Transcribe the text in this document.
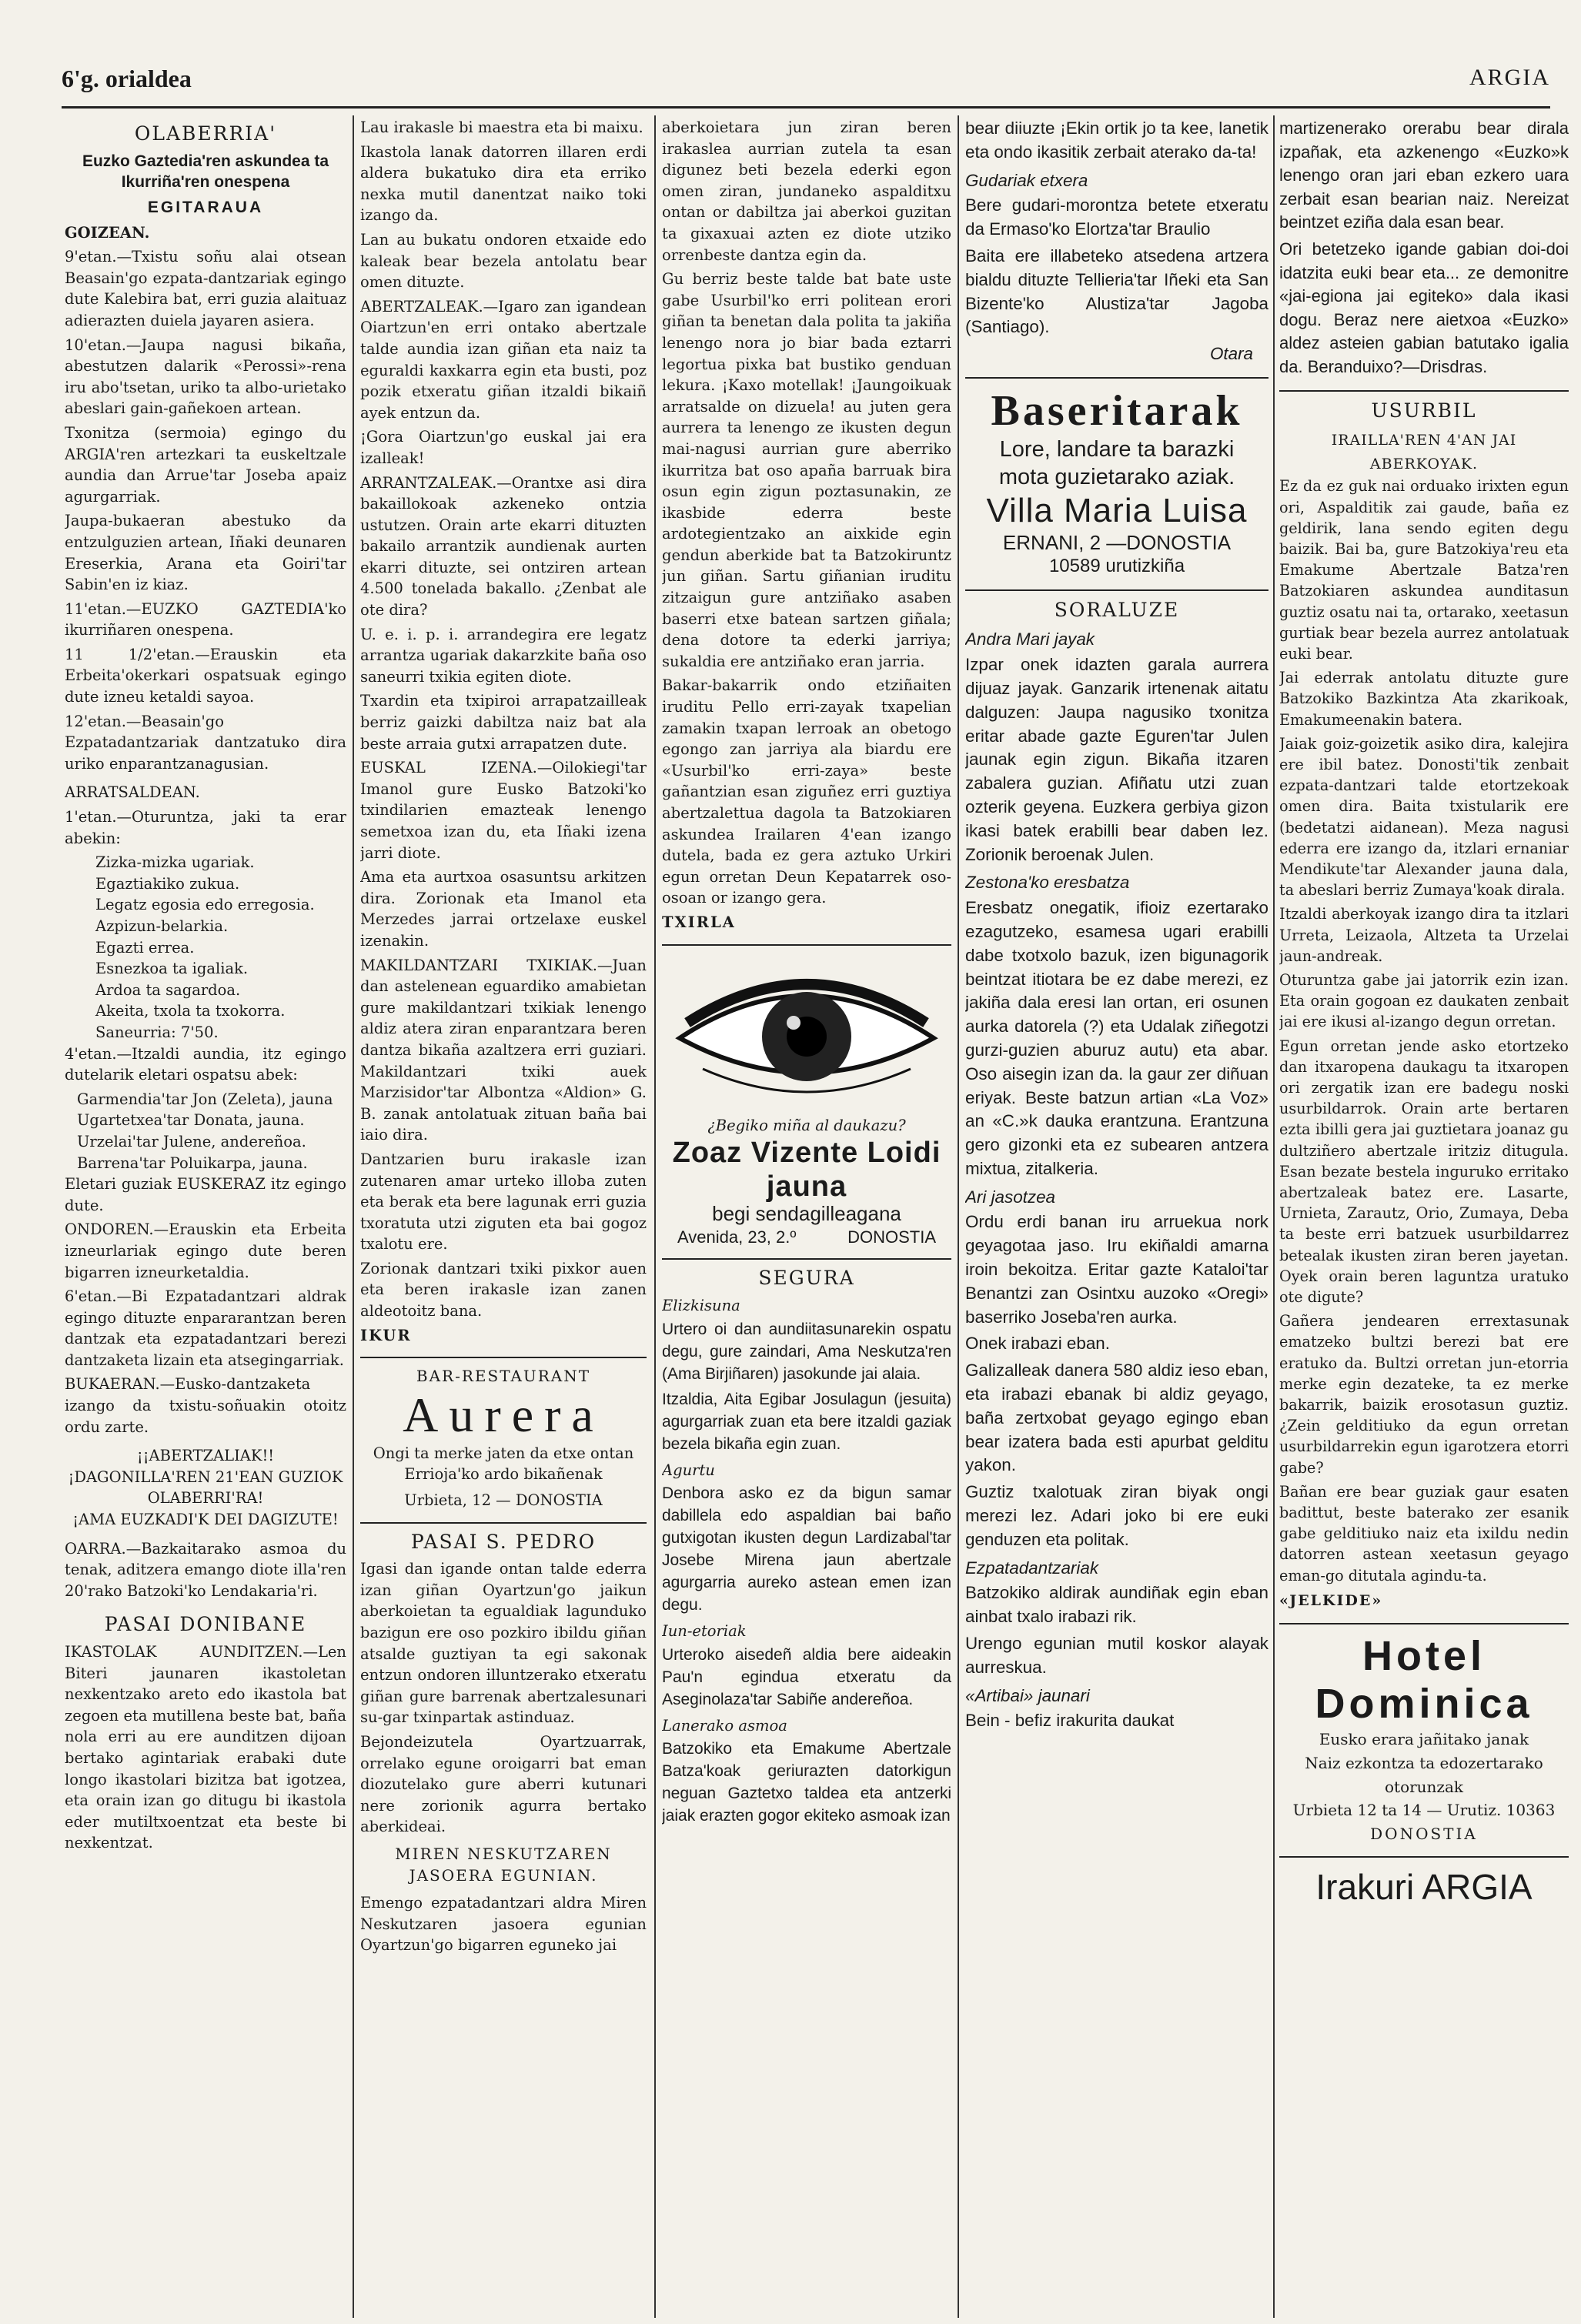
6'g. orialdea	ARGIA
OLABERRIA'
Euzko Gaztedia'ren askundea ta Ikurriña'ren onespena
EGITARAUA

GOIZEAN.

9'etan.—Txistu soñu alai otsean Beasain'go ezpata-dantzariak egingo dute Kalebira bat, erri guzia alaituaz adierazten duiela jayaren asiera.

10'etan.—Jaupa nagusi bikaña, abestutzen dalarik «Perossi»-rena iru abo'tsetan, uriko ta albo-urietako abeslari gain-gañekoen artean.

Txonitza (sermoia) egingo du ARGIA'ren artezkari ta euskeltzale aundia dan Arrue'tar Joseba apaiz agurgarriak.

Jaupa-bukaeran abestuko da entzulguzien artean, Iñaki deunaren Ereserkia, Arana eta Goiri'tar Sabin'en iz kiaz.

11'etan.—EUZKO GAZTEDIA'ko ikurriñaren onespena.

11 1/2'etan.—Erauskin eta Erbeita'okerkari ospatsuak egingo dute izneu ketaldi sayoa.

12'etan.—Beasain'go Ezpatadantzariak dantzatuko dira uriko enparantzanagusian.

ARRATSALDEAN.

1'etan.—Oturuntza, jaki ta erar abekin:

Zizka-mizka ugariak.
Egaztiakiko zukua.
Legatz egosia edo erregosia.
Azpizun-belarkia.
Egazti errea.
Esnezkoa ta igaliak.
Ardoa ta sagardoa.
Akeita, txola ta txokorra.
Saneurria: 7'50.

4'etan.—Itzaldi aundia, itz egingo dutelarik eletari ospatsu abek:

Garmendia'tar Jon (Zeleta), jauna

Ugartetxea'tar Donata, jauna.

Urzelai'tar Julene, andereñoa.

Barrena'tar Poluikarpa, jauna.

Eletari guziak EUSKERAZ itz egingo dute.

ONDOREN.—Erauskin eta Erbeita izneurlariak egingo dute beren bigarren izneurketaldia.

6'etan.—Bi Ezpatadantzari aldrak egingo dituzte enpararantzan beren dantzak eta ezpatadantzari berezi dantzaketa lizain eta atsegingarriak.

BUKAERAN.—Eusko-dantzaketa izango da txistu-soñuakin otoitz ordu zarte.

¡¡ABERTZALIAK!!
¡DAGONILLA'REN 21'EAN GUZIOK OLABERRI'RA!
¡AMA EUZKADI'K DEI DAGIZUTE!

OARRA.—Bazkaitarako asmoa du tenak, aditzera emango diote illa'ren 20'rako Batzoki'ko Lendakaria'ri.

PASAI DONIBANE

IKASTOLAK AUNDITZEN.—Len Biteri jaunaren ikastoletan nexkentzako areto edo ikastola bat zegoen eta mutillena beste bat, baña nola erri au ere aunditzen dijoan bertako agintariak erabaki dute longo ikastolari bizitza bat igotzea, eta orain izan go ditugu bi ikastola eder mutiltxoentzat eta beste bi nexkentzat.

Lau irakasle bi maestra eta bi maixu.

Ikastola lanak datorren illaren erdi aldera bukatuko dira eta erriko nexka mutil danentzat naiko toki izango da.

Lan au bukatu ondoren etxaide edo kaleak bear bezela antolatu bear omen dituzte.

ABERTZALEAK.—Igaro zan igandean Oiartzun'en erri ontako abertzale talde aundia izan giñan eta naiz ta eguraldi kaxkarra egin eta busti, poz pozik etxeratu giñan itzaldi bikaiñ ayek entzun da.

¡Gora Oiartzun'go euskal jai era izalleak!

ARRANTZALEAK.—Orantxe asi dira bakaillokoak azkeneko ontzia ustutzen. Orain arte ekarri dituzten bakailo arrantzik aundienak aurten ekarri dituzte, sei ontziren artean 4.500 tonelada bakallo. ¿Zenbat ale ote dira?

U. e. i. p. i. arrandegira ere legatz arrantza ugariak dakarzkite baña oso saneurri txikia egiten diote.

Txardin eta txipiroi arrapatzailleak berriz gaizki dabiltza naiz bat ala beste arraia gutxi arrapatzen dute.

EUSKAL IZENA.—Oilokiegi'tar Imanol gure Eusko Batzoki'ko txindilarien emazteak lenengo semetxoa izan du, eta Iñaki izena jarri diote.

Ama eta aurtxoa osasuntsu arkitzen dira. Zorionak eta Imanol eta Merzedes jarrai ortzelaxe euskel izenakin.

MAKILDANTZARI TXIKIAK.—Juan dan astelenean eguardiko amabietan gure makildantzari txikiak lenengo aldiz atera ziran enparantzara beren dantza bikaña azaltzera erri guziari. Makildantzari txiki auek Marzisidor'tar Albontza «Aldion» G. B. zanak antolatuak zituan baña bai iaio dira.

Dantzarien buru irakasle izan zutenaren amar urteko illoba zuten eta berak eta bere lagunak erri guzia txoratuta utzi ziguten eta bai gogoz txalotu ere.

Zorionak dantzari txiki pixkor auen eta beren irakasle izan zanen aldeotoitz bana.

IKUR

BAR-RESTAURANT
Aurera
Ongi ta merke jaten da etxe ontan
Errioja'ko ardo bikañenak
Urbieta, 12 — DONOSTIA
PASAI S. PEDRO

Igasi dan igande ontan talde ederra izan giñan Oyartzun'go jaikun aberkoietan ta egualdiak lagunduko bazigun ere oso pozkiro ibildu giñan atsalde guztiyan ta egi sakonak entzun ondoren illuntzerako etxeratu giñan gure barrenak abertzalesunari su-gar txinpartak astinduaz.

Bejondeizutela Oyartzuarrak, orrelako egune oroigarri bat eman diozutelako gure aberri kutunari nere zorionik agurra bertako aberkideai.

MIREN NESKUTZAREN JASOERA EGUNIAN.

Emengo ezpatadantzari aldra Miren Neskutzaren jasoera egunian Oyartzun'go bigarren eguneko jai

aberkoietara jun ziran beren irakaslea aurrian zutela ta esan digunez beti bezela ederki egon omen ziran, jundaneko aspalditxu ontan or dabiltza jai aberkoi guzitan ta gixaxuai azten ez diote utziko orrenbeste dantza egin da.

Gu berriz beste talde bat bate uste gabe Usurbil'ko erri politean erori giñan ta benetan dala polita ta jakiña lenengo nora jo biar bada eztarri legortua pixka bat bustiko genduan lekura. ¡Kaxo motellak! ¡Jaungoikuak arratsalde on dizuela! au juten gera aurrera ta lenengo ze ikusten degun mai-nagusi aurrian gure aberriko ikurritza bat oso apaña barruak bira osun egin zigun poztasunakin, ze ikasbide ederra beste ardotegientzako an aixkide egin gendun aberkide bat ta Batzokiruntz jun giñan. Sartu giñanian iruditu zitzaigun gure antziñako asaben baserri etxe batean sartzen giñala; dena dotore ta ederki jarriya; sukaldia ere antziñako eran jarria.

Bakar-bakarrik ondo etziñaiten iruditu Pello erri-zayak txapelian zamakin txapan lerroak an obetogo egongo zan jarriya ala biardu ere «Usurbil'ko erri-zaya» beste gañantzian esan ziguñez erri guztiya abertzalettua dagola ta Batzokiaren askundea Irailaren 4'ean izango dutela, bada ez gera aztuko Urkiri egun orretan Deun Kepatarrek oso-osoan or izango gera.

TXIRLA

¿Begiko miña al daukazu?
Zoaz Vizente Loidi jauna
begi sendagilleagana
Avenida, 23, 2.º	DONOSTIA
SEGURA
Elizkisuna

Urtero oi dan aundiitasunarekin ospatu degu, gure zaindari, Ama Neskutza'ren (Ama Birjiñaren) jasokunde jai alaia.

Itzaldia, Aita Egibar Josulagun (jesuita) agurgarriak zuan eta bere itzaldi gaziak bezela bikaña egin zuan.

Agurtu

Denbora asko ez da bigun samar dabillela edo aspaldian bai baño gutxigotan ikusten degun Lardizabal'tar Josebe Mirena jaun abertzale agurgarria aureko astean emen izan degu.

Iun-etoriak

Urteroko aisedeñ aldia bere aideakin Pau'n egindua etxeratu da Aseginolaza'tar Sabiñe andereñoa.

Lanerako asmoa

Batzokiko eta Emakume Abertzale Batza'koak geriurazten datorkigun neguan Gaztetxo taldea eta antzerki jaiak erazten gogor ekiteko asmoak izan

bear diiuzte ¡Ekin ortik jo ta kee, lanetik eta ondo ikasitik zerbait aterako da-ta!

Gudariak etxera

Bere gudari-morontza betete etxeratu da Ermaso'ko Elortza'tar Braulio

Baita ere illabeteko atsedena artzera bialdu dituzte Tellieria'tar Iñeki eta San Bizente'ko Alustiza'tar Jagoba (Santiago).

Otara

Baseritarak
Lore, landare ta barazki
mota guzietarako aziak.
Villa Maria Luisa
ERNANI, 2 —DONOSTIA
10589 urutizkiña
SORALUZE
Andra Mari jayak

Izpar onek idazten garala aurrera dijuaz jayak. Ganzarik irtenenak aitatu dalguzen: Jaupa nagusiko txonitza eritar abade gazte Eguren'tar Julen jaunak egin zigun. Bikaña itzaren zabalera guzian. Afiñatu utzi zuan ozterik geyena. Euzkera gerbiya gizon ikasi batek erabilli bear daben lez. Zorionik beroenak Julen.

Zestona'ko eresbatza

Eresbatz onegatik, ifioiz ezertarako ezagutzeko, esamesa ugari erabilli dabe txotxolo bazuk, izen bigunagorik beintzat itiotara be ez dabe merezi, ez jakiña dala eresi lan ortan, eri osunen aurka datorela (?) eta Udalak ziñegotzi gurzi-guzien aburuz autu) eta abar. Oso aisegin izan da. la gaur zer diñuan eriyak. Beste batzun artian «La Voz» an «C.»k dauka erantzuna. Erantzuna gero gizonki eta ez subearen antzera mixtua, zitalkeria.

Ari jasotzea

Ordu erdi banan iru arruekua nork geyagotaa jaso. Iru ekiñaldi amarna iroin bekoitza. Eritar gazte Kataloi'tar Benantzi zan Osintxu auzoko «Oregi» baserriko Joseba'ren aurka.

Onek irabazi eban.

Galizalleak danera 580 aldiz ieso eban, eta irabazi ebanak bi aldiz geyago, baña zertxobat geyago egingo eban bear izatera bada esti apurbat gelditu yakon.

Guztiz txalotuak ziran biyak ongi merezi lez. Adari joko bi ere euki genduzen eta politak.

Ezpatadantzariak

Batzokiko aldirak aundiñak egin eban ainbat txalo irabazi rik.

Urengo egunian mutil koskor alayak aurreskua.

«Artibai» jaunari

Bein - befiz irakurita daukat

martizenerako orerabu bear dirala izpañak, eta azkenengo «Euzko»k lenengo oran jari eban ezkero uara zerbait esan bearian naiz. Nereizat beintzet eziña dala esan bear.

Ori betetzeko igande gabian doi-doi idatzita euki bear eta... ze demonitre «jai-egiona jai egiteko» dala ikasi dogu. Beraz nere aietxoa «Euzko» aldez asteien gabian batutako igalia da. Beranduixo?—Drisdras.

USURBIL
IRAILLA'REN 4'AN JAI ABERKOYAK.

Ez da ez guk nai orduako irixten egun ori, Aspalditik zai gaude, baña ez geldirik, lana sendo egiten degu baizik. Bai ba, gure Batzokiya'reu eta Emakume Abertzale Batza'ren Batzokiaren askundea aunditasun guztiz osatu nai ta, ortarako, xeetasun gurtiak bear bezela aurrez antolatuak euki bear.

Jai ederrak antolatu dituzte gure Batzokiko Bazkintza Ata zkarikoak, Emakumeenakin batera.

Jaiak goiz-goizetik asiko dira, kalejira ere ibil batez. Donosti'tik zenbait ezpata-dantzari talde etortzekoak omen dira. Baita txistularik ere (bedetatzi aidanean). Meza nagusi ederra ere izango da, itzlari ernaniar Mendikute'tar Alexander jauna dala, ta abeslari berriz Zumaya'koak dirala.

Itzaldi aberkoyak izango dira ta itzlari Urreta, Leizaola, Altzeta ta Urzelai jaun-andreak.

Oturuntza gabe jai jatorrik ezin izan. Eta orain gogoan ez daukaten zenbait jai ere ikusi al-izango degun orretan.

Egun orretan jende asko etortzeko dan itxaropena daukagu ta itxaropen ori zergatik izan ere badegu noski usurbildarrok. Orain arte bertaren ezta ibilli gera jai guztietara joanaz gu dultziñero abertzale iritziz ditugula. Esan bezate bestela inguruko erritako abertzaleak batez ere. Lasarte, Urnieta, Zarautz, Orio, Zumaya, Deba ta beste erri batzuek usurbildarrez betealak ikusten ziran beren jayetan. Oyek orain beren laguntza uratuko ote digute?

Gañera jendearen errextasunak ematzeko bultzi berezi bat ere eratuko da. Bultzi orretan jun-etorria merke egin dezateke, ta ez merke bakarrik, baizik erosotasun guztiz. ¿Zein gelditiuko da egun orretan usurbildarrekin egun igarotzera etorri gabe?

Bañan ere bear guziak gaur esaten badittut, beste baterako zer esanik gabe gelditiuko naiz eta ixildu nedin datorren astean xeetasun geyago eman-go ditutala agindu-ta.

«JELKIDE»

Hotel Dominica
Eusko erara jañitako janak
Naiz ezkontza ta edozertarako otorunzak
Urbieta 12 ta 14 — Urutiz. 10363
DONOSTIA
Irakuri ARGIA
